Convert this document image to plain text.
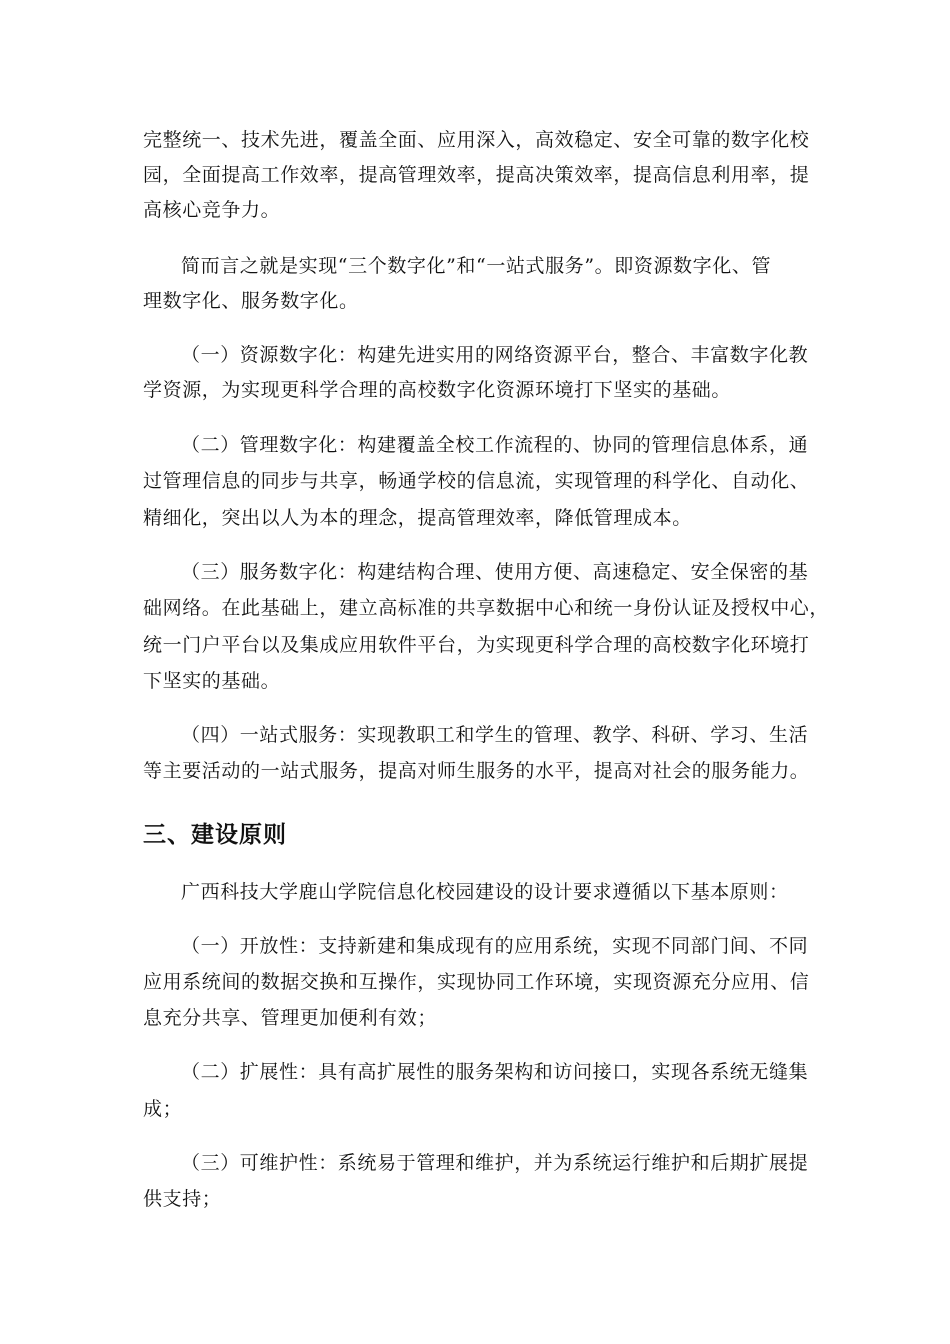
完整统一、技术先进，覆盖全面、应用深入，高效稳定、安全可靠的数字化校
园，全面提高工作效率，提高管理效率，提高决策效率，提高信息利用率，提
高核心竞争力。
简而言之就是实现“三个数字化”和“一站式服务”。即资源数字化、管
理数字化、服务数字化。
（一）资源数字化：构建先进实用的网络资源平台，整合、丰富数字化教
学资源，为实现更科学合理的高校数字化资源环境打下坚实的基础。
（二）管理数字化：构建覆盖全校工作流程的、协同的管理信息体系，通
过管理信息的同步与共享，畅通学校的信息流，实现管理的科学化、自动化、
精细化，突出以人为本的理念，提高管理效率，降低管理成本。
（三）服务数字化：构建结构合理、使用方便、高速稳定、安全保密的基
础网络。在此基础上，建立高标准的共享数据中心和统一身份认证及授权中心，
统一门户平台以及集成应用软件平台，为实现更科学合理的高校数字化环境打
下坚实的基础。
（四）一站式服务：实现教职工和学生的管理、教学、科研、学习、生活
等主要活动的一站式服务，提高对师生服务的水平，提高对社会的服务能力。
三、建设原则
广西科技大学鹿山学院信息化校园建设的设计要求遵循以下基本原则：
（一）开放性：支持新建和集成现有的应用系统，实现不同部门间、不同
应用系统间的数据交换和互操作，实现协同工作环境，实现资源充分应用、信
息充分共享、管理更加便利有效；
（二）扩展性：具有高扩展性的服务架构和访问接口，实现各系统无缝集
成；
（三）可维护性：系统易于管理和维护，并为系统运行维护和后期扩展提
供支持；
